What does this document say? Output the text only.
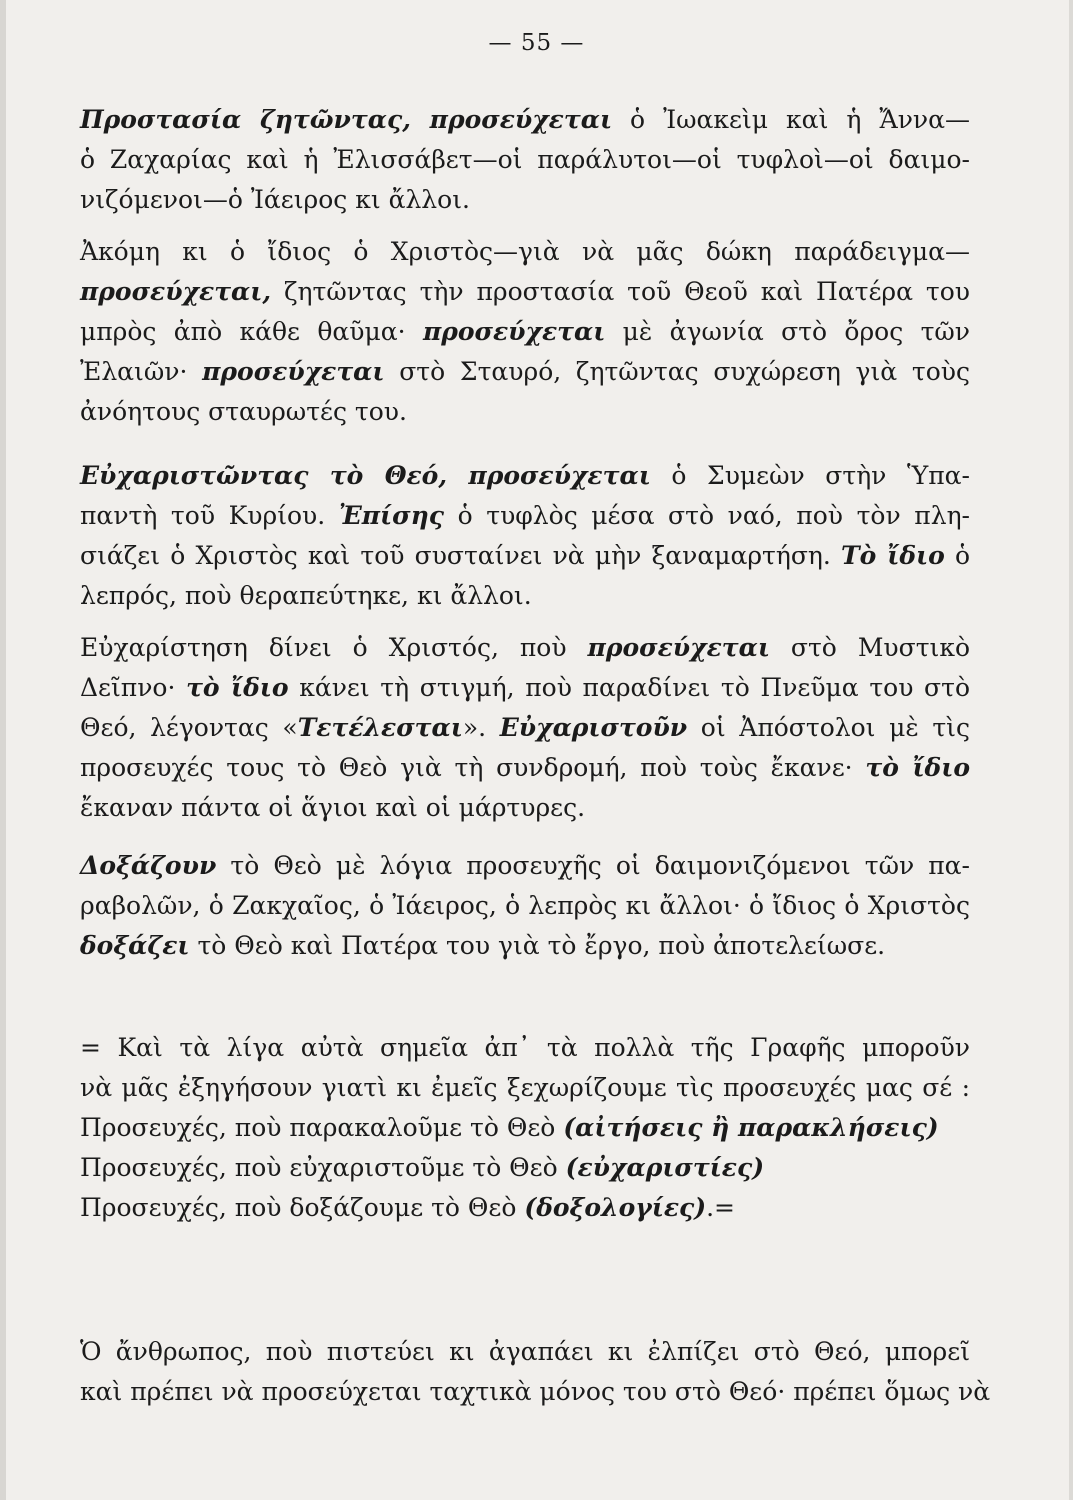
— 55 —
Προστασία ζητῶντας, προσεύχεται ὁ Ἰωακεὶμ καὶ ἡ Ἄννα—
ὁ Ζαχαρίας καὶ ἡ Ἐλισσάβετ—οἱ παράλυτοι—οἱ τυφλοὶ—οἱ δαιμο-
νιζόμενοι—ὁ Ἰάειρος κι ἄλλοι.
Ἀκόμη κι ὁ ἴδιος ὁ Χριστὸς—γιὰ νὰ μᾶς δώκη παράδειγμα—
προσεύχεται, ζητῶντας τὴν προστασία τοῦ Θεοῦ καὶ Πατέρα του
μπρὸς ἀπὸ κάθε θαῦμα· προσεύχεται μὲ ἀγωνία στὸ ὄρος τῶν
Ἐλαιῶν· προσεύχεται στὸ Σταυρό, ζητῶντας συχώρεση γιὰ τοὺς
ἀνόητους σταυρωτές του.
Εὐχαριστῶντας τὸ Θεό, προσεύχεται ὁ Συμεὼν στὴν Ὑπα-
παντὴ τοῦ Κυρίου. Ἐπίσης ὁ τυφλὸς μέσα στὸ ναό, ποὺ τὸν πλη-
σιάζει ὁ Χριστὸς καὶ τοῦ συσταίνει νὰ μὴν ξαναμαρτήση. Τὸ ἴδιο ὁ
λεπρός, ποὺ θεραπεύτηκε, κι ἄλλοι.
Εὐχαρίστηση δίνει ὁ Χριστός, ποὺ προσεύχεται στὸ Μυστικὸ
Δεῖπνο· τὸ ἴδιο κάνει τὴ στιγμή, ποὺ παραδίνει τὸ Πνεῦμα του στὸ
Θεό, λέγοντας «Τετέλεσται». Εὐχαριστοῦν οἱ Ἀπόστολοι μὲ τὶς
προσευχές τους τὸ Θεὸ γιὰ τὴ συνδρομή, ποὺ τοὺς ἔκανε· τὸ ἴδιο
ἔκαναν πάντα οἱ ἅγιοι καὶ οἱ μάρτυρες.
Δοξάζουν τὸ Θεὸ μὲ λόγια προσευχῆς οἱ δαιμονιζόμενοι τῶν πα-
ραβολῶν, ὁ Ζακχαῖος, ὁ Ἰάειρος, ὁ λεπρὸς κι ἄλλοι· ὁ ἴδιος ὁ Χριστὸς
δοξάζει τὸ Θεὸ καὶ Πατέρα του γιὰ τὸ ἔργο, ποὺ ἀποτελείωσε.
= Καὶ τὰ λίγα αὐτὰ σημεῖα ἀπ᾽ τὰ πολλὰ τῆς Γραφῆς μποροῦν
νὰ μᾶς ἐξηγήσουν γιατὶ κι ἐμεῖς ξεχωρίζουμε τὶς προσευχές μας σέ :
Προσευχές, ποὺ παρακαλοῦμε τὸ Θεὸ (αἰτήσεις ἢ παρακλήσεις)
Προσευχές, ποὺ εὐχαριστοῦμε τὸ Θεὸ (εὐχαριστίες)
Προσευχές, ποὺ δοξάζουμε τὸ Θεὸ (δοξολογίες).=
Ὁ ἄνθρωπος, ποὺ πιστεύει κι ἀγαπάει κι ἐλπίζει στὸ Θεό, μπορεῖ
καὶ πρέπει νὰ προσεύχεται ταχτικὰ μόνος του στὸ Θεό· πρέπει ὅμως νὰ
